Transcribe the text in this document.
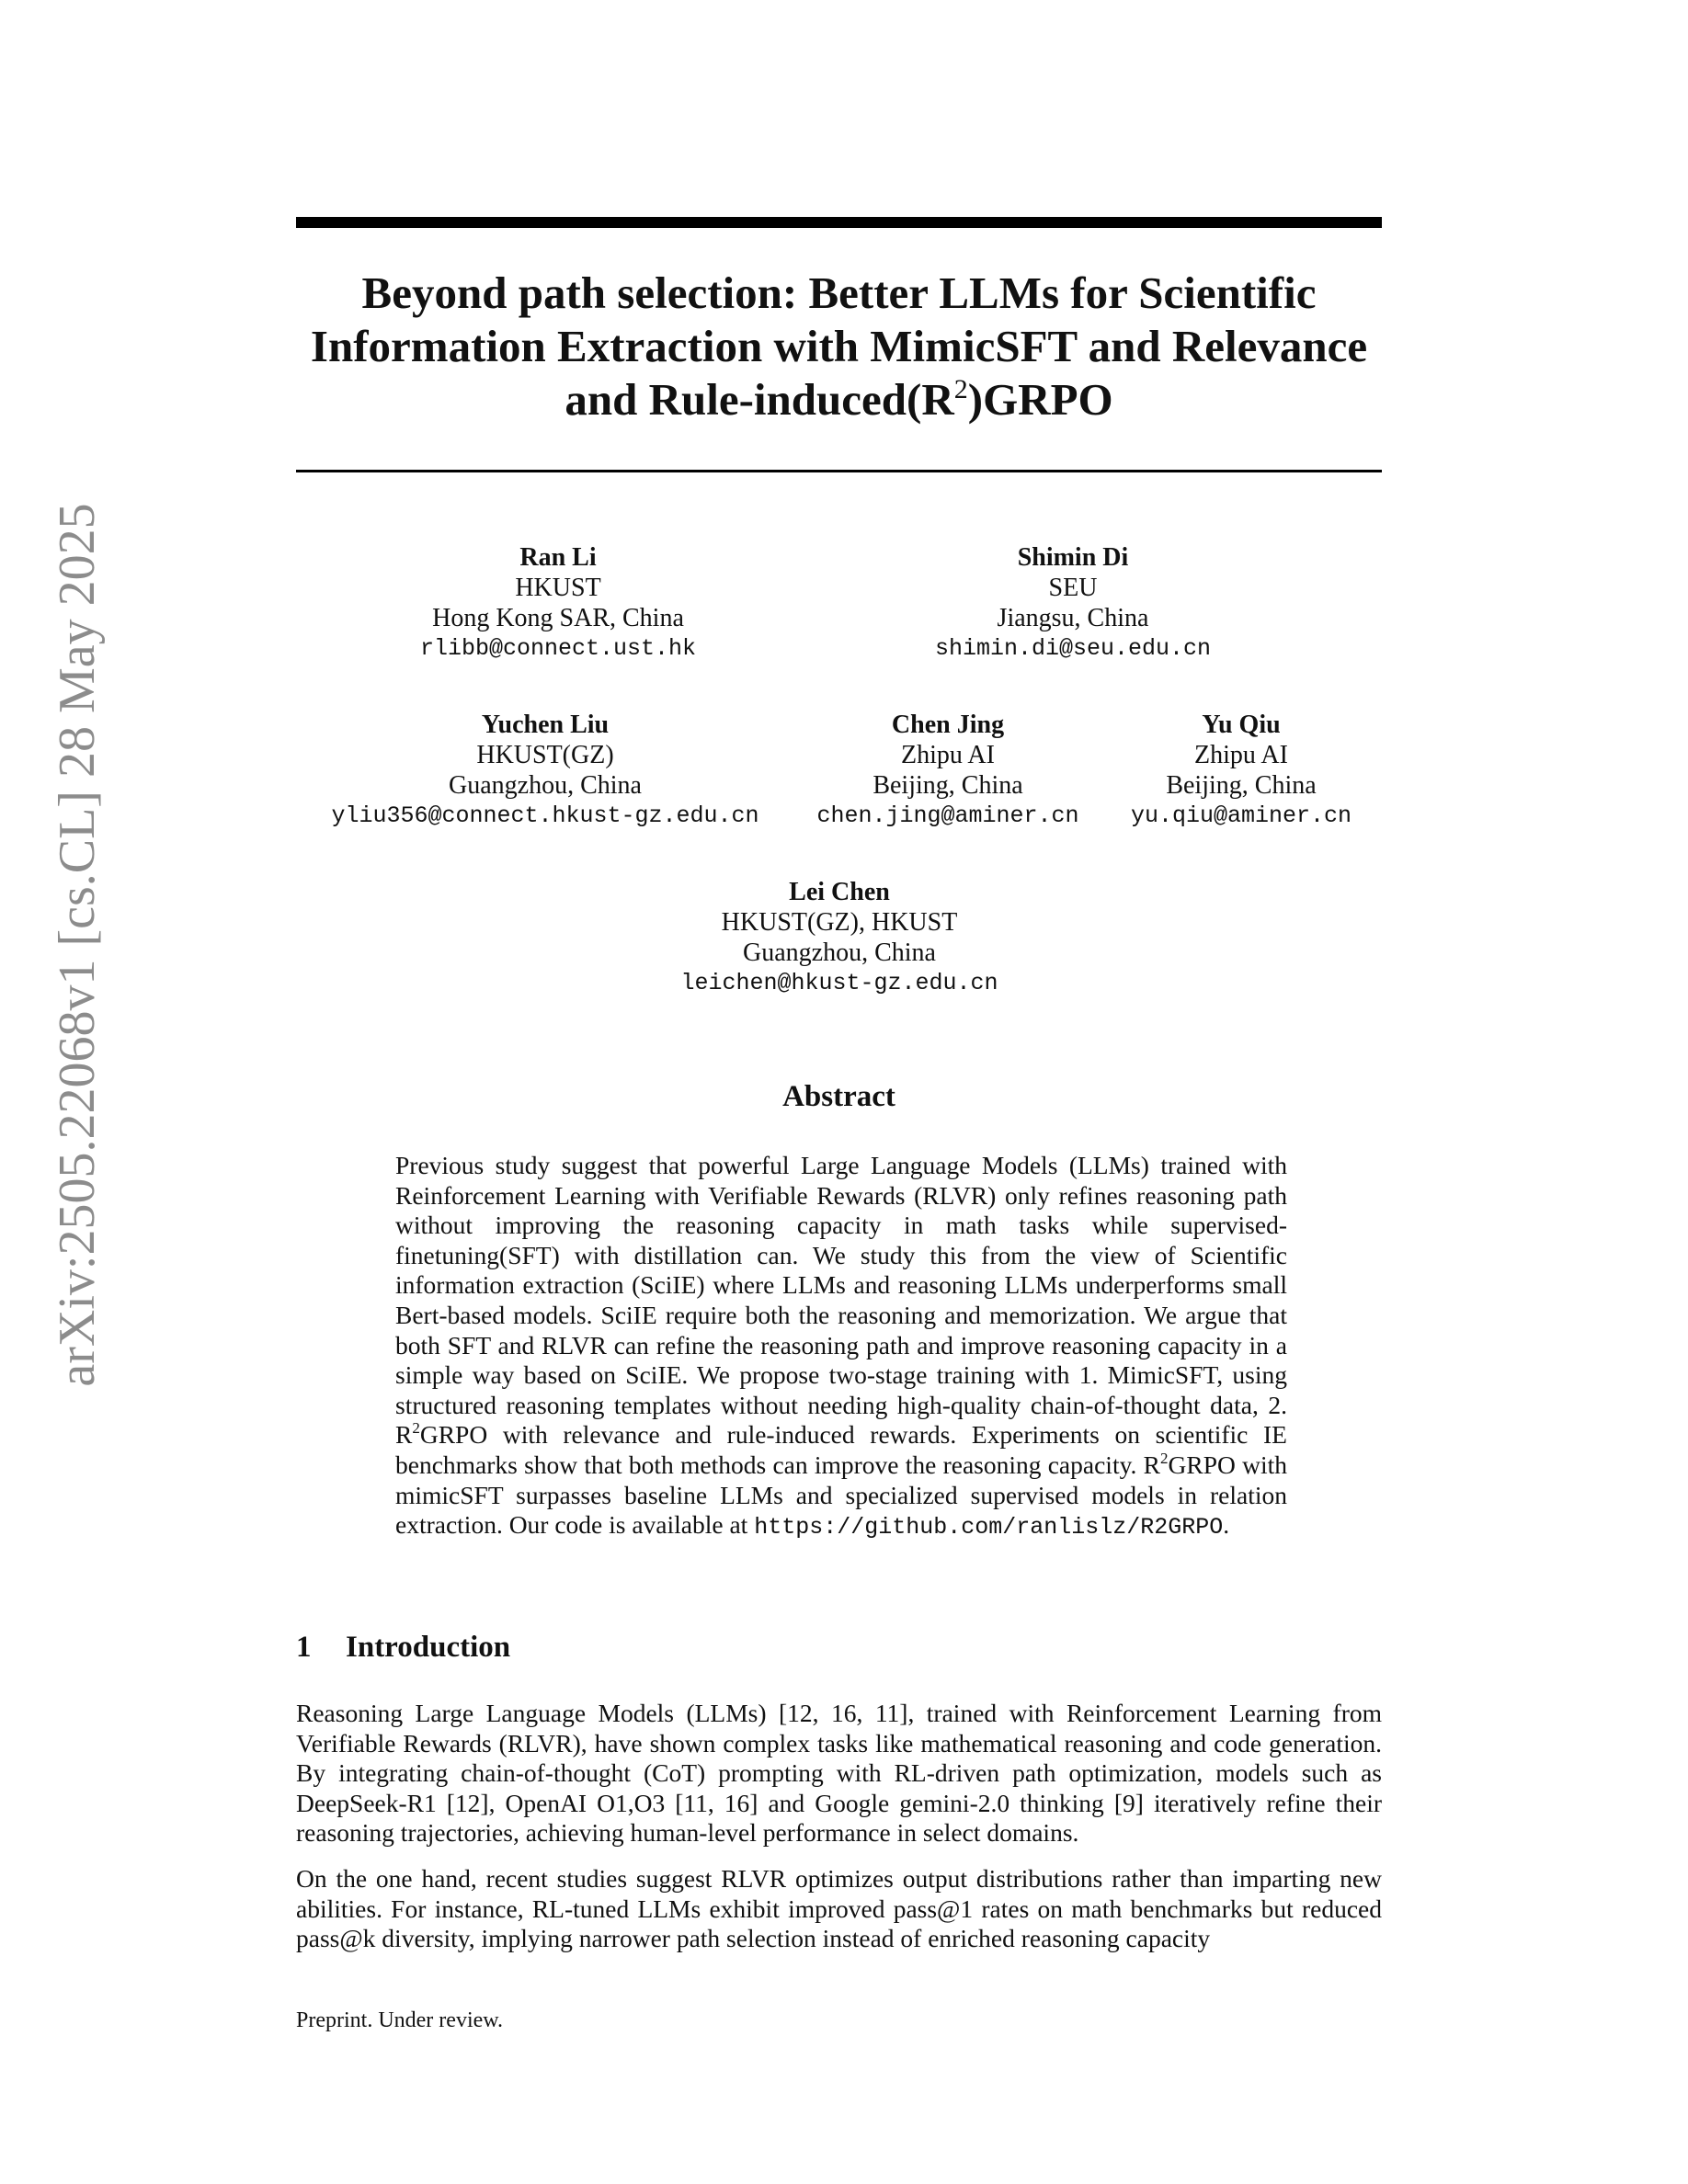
arXiv:2505.22068v1 [cs.CL] 28 May 2025
Beyond path selection: Better LLMs for Scientific
Information Extraction with MimicSFT and Relevance
and Rule-$induced(R^2)GRPO$
Ran Li
HKUST
Hong Kong SAR, China
rlibb@connect.ust.hk
Shimin Di
SEU
Jiangsu, China
shimin.di@seu.edu.cn
Yuchen Liu
HKUST(GZ)
Guangzhou, China
yliu356@connect.hkust-gz.edu.cn
Chen Jing
Zhipu AI
Beijing, China
chen.jing@aminer.cn
Yu Qiu
Zhipu AI
Beijing, China
yu.qiu@aminer.cn
Lei Chen
HKUST(GZ), HKUST
Guangzhou, China
leichen@hkust-gz.edu.cn
Abstract
Previous study suggest that powerful Large Language Models (LLMs) trained with Reinforcement Learning with Verifiable Rewards (RLVR) only refines reasoning path without improving the reasoning capacity in math tasks while supervised-finetuning(SFT) with distillation can. We study this from the view of Scientific information extraction (SciIE) where LLMs and reasoning LLMs underperforms small Bert-based models. SciIE require both the reasoning and memorization. We argue that both SFT and RLVR can refine the reasoning path and improve reasoning capacity in a simple way based on SciIE. We propose two-stage training with 1. MimicSFT, using structured reasoning templates without needing high-quality chain-of-thought data, 2. $R^2GRPO$ with relevance and rule-induced rewards. Experiments on scientific IE benchmarks show that both methods can improve the reasoning capacity. $R^2GRPO$ with mimicSFT surpasses baseline LLMs and specialized supervised models in relation extraction. Our code is available at https://github.com/ranlislz/R2GRPO.
1 Introduction

Reasoning Large Language Models (LLMs) [12, 16, 11], trained with Reinforcement Learning from Verifiable Rewards (RLVR), have shown complex tasks like mathematical reasoning and code generation. By integrating chain-of-thought (CoT) prompting with RL-driven path optimization, models such as DeepSeek-R1 [12], OpenAI O1,O3 [11, 16] and Google gemini-2.0 thinking [9] iteratively refine their reasoning trajectories, achieving human-level performance in select domains.

On the one hand, recent studies suggest RLVR optimizes output distributions rather than imparting new abilities. For instance, RL-tuned LLMs exhibit improved pass@1 rates on math benchmarks but reduced pass@k diversity, implying narrower path selection instead of enriched reasoning capacity

Preprint. Under review.
